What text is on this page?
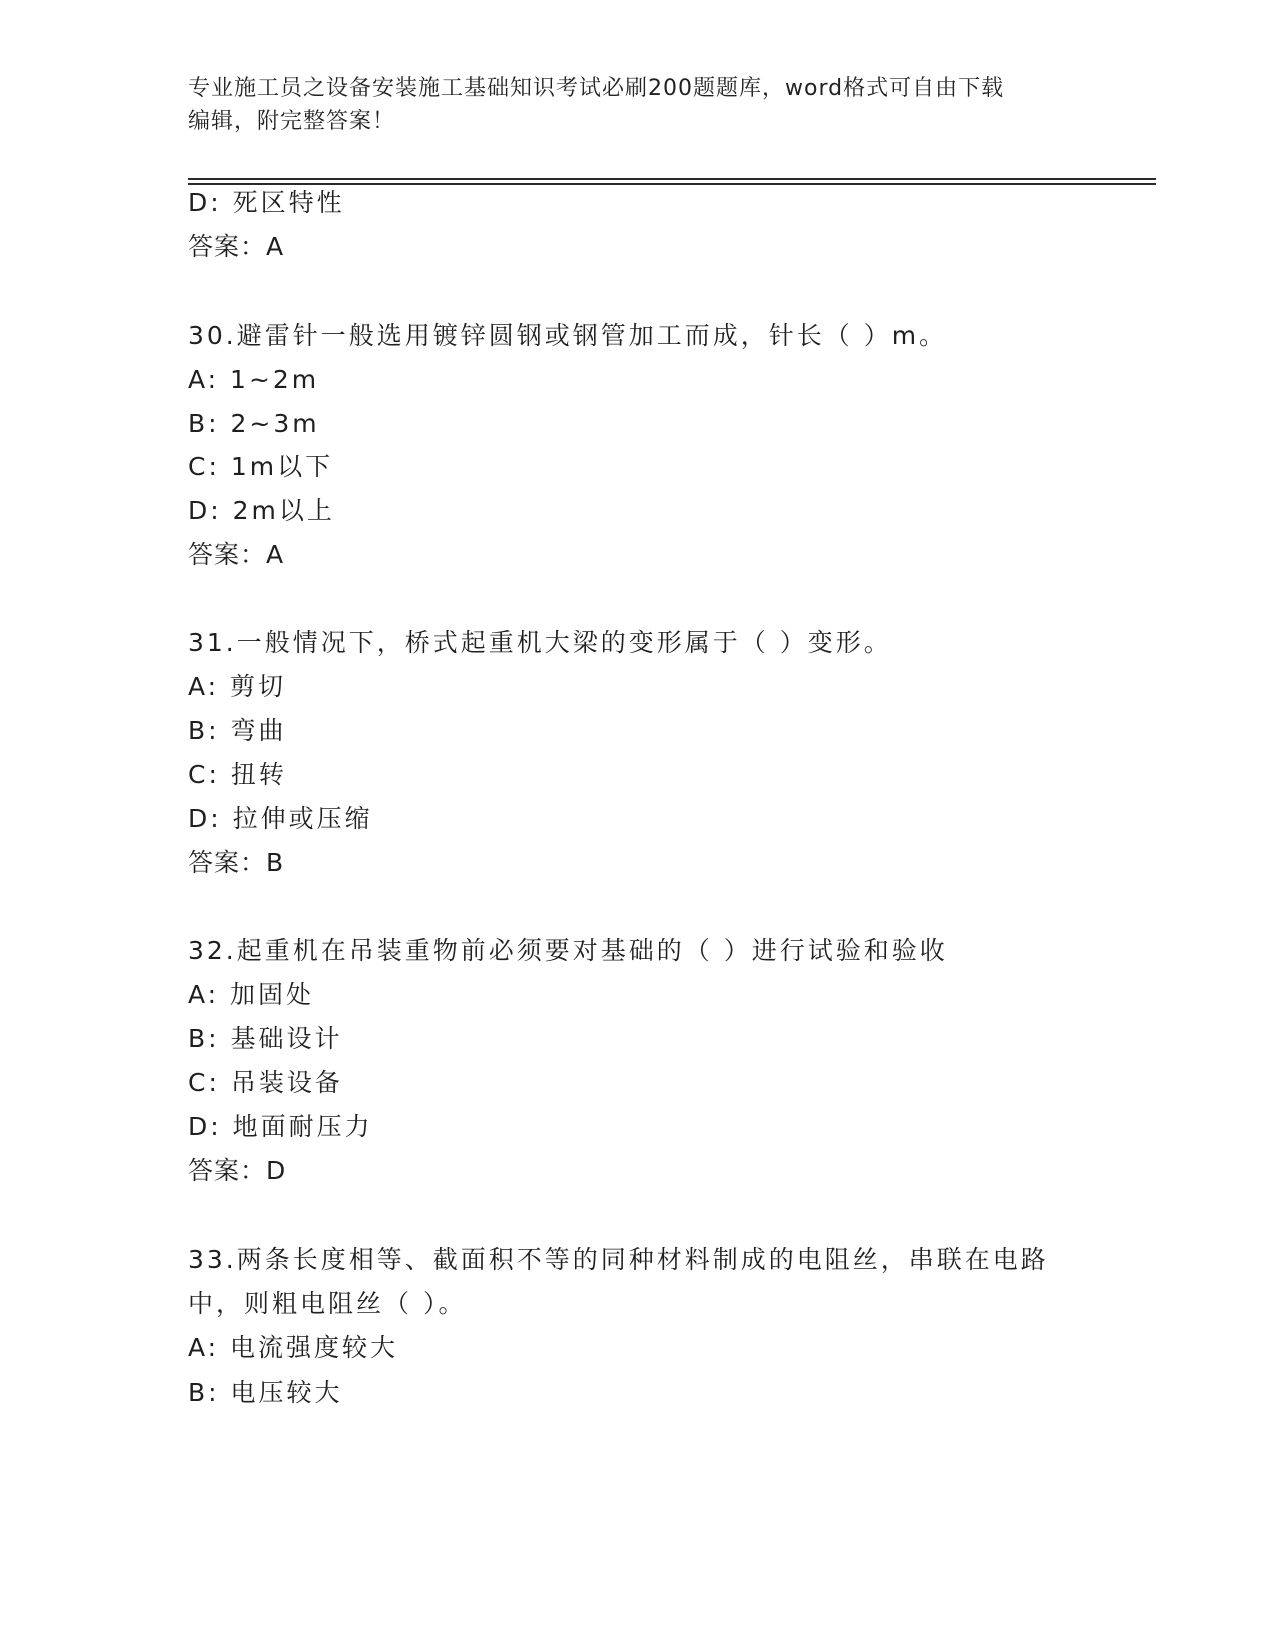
专业施工员之设备安装施工基础知识考试必刷200题题库，word格式可自由下载
编辑，附完整答案！
D: 死区特性
答案：A
30.避雷针一般选用镀锌圆钢或钢管加工而成，针长（ ）m。
A: 1~2m
B: 2~3m
C: 1m以下
D: 2m以上
答案：A
31.一般情况下，桥式起重机大梁的变形属于（ ）变形。
A: 剪切
B: 弯曲
C: 扭转
D: 拉伸或压缩
答案：B
32.起重机在吊装重物前必须要对基础的（ ）进行试验和验收
A: 加固处
B: 基础设计
C: 吊装设备
D: 地面耐压力
答案：D
33.两条长度相等、截面积不等的同种材料制成的电阻丝，串联在电路
中，则粗电阻丝（ ）。
A: 电流强度较大
B: 电压较大
